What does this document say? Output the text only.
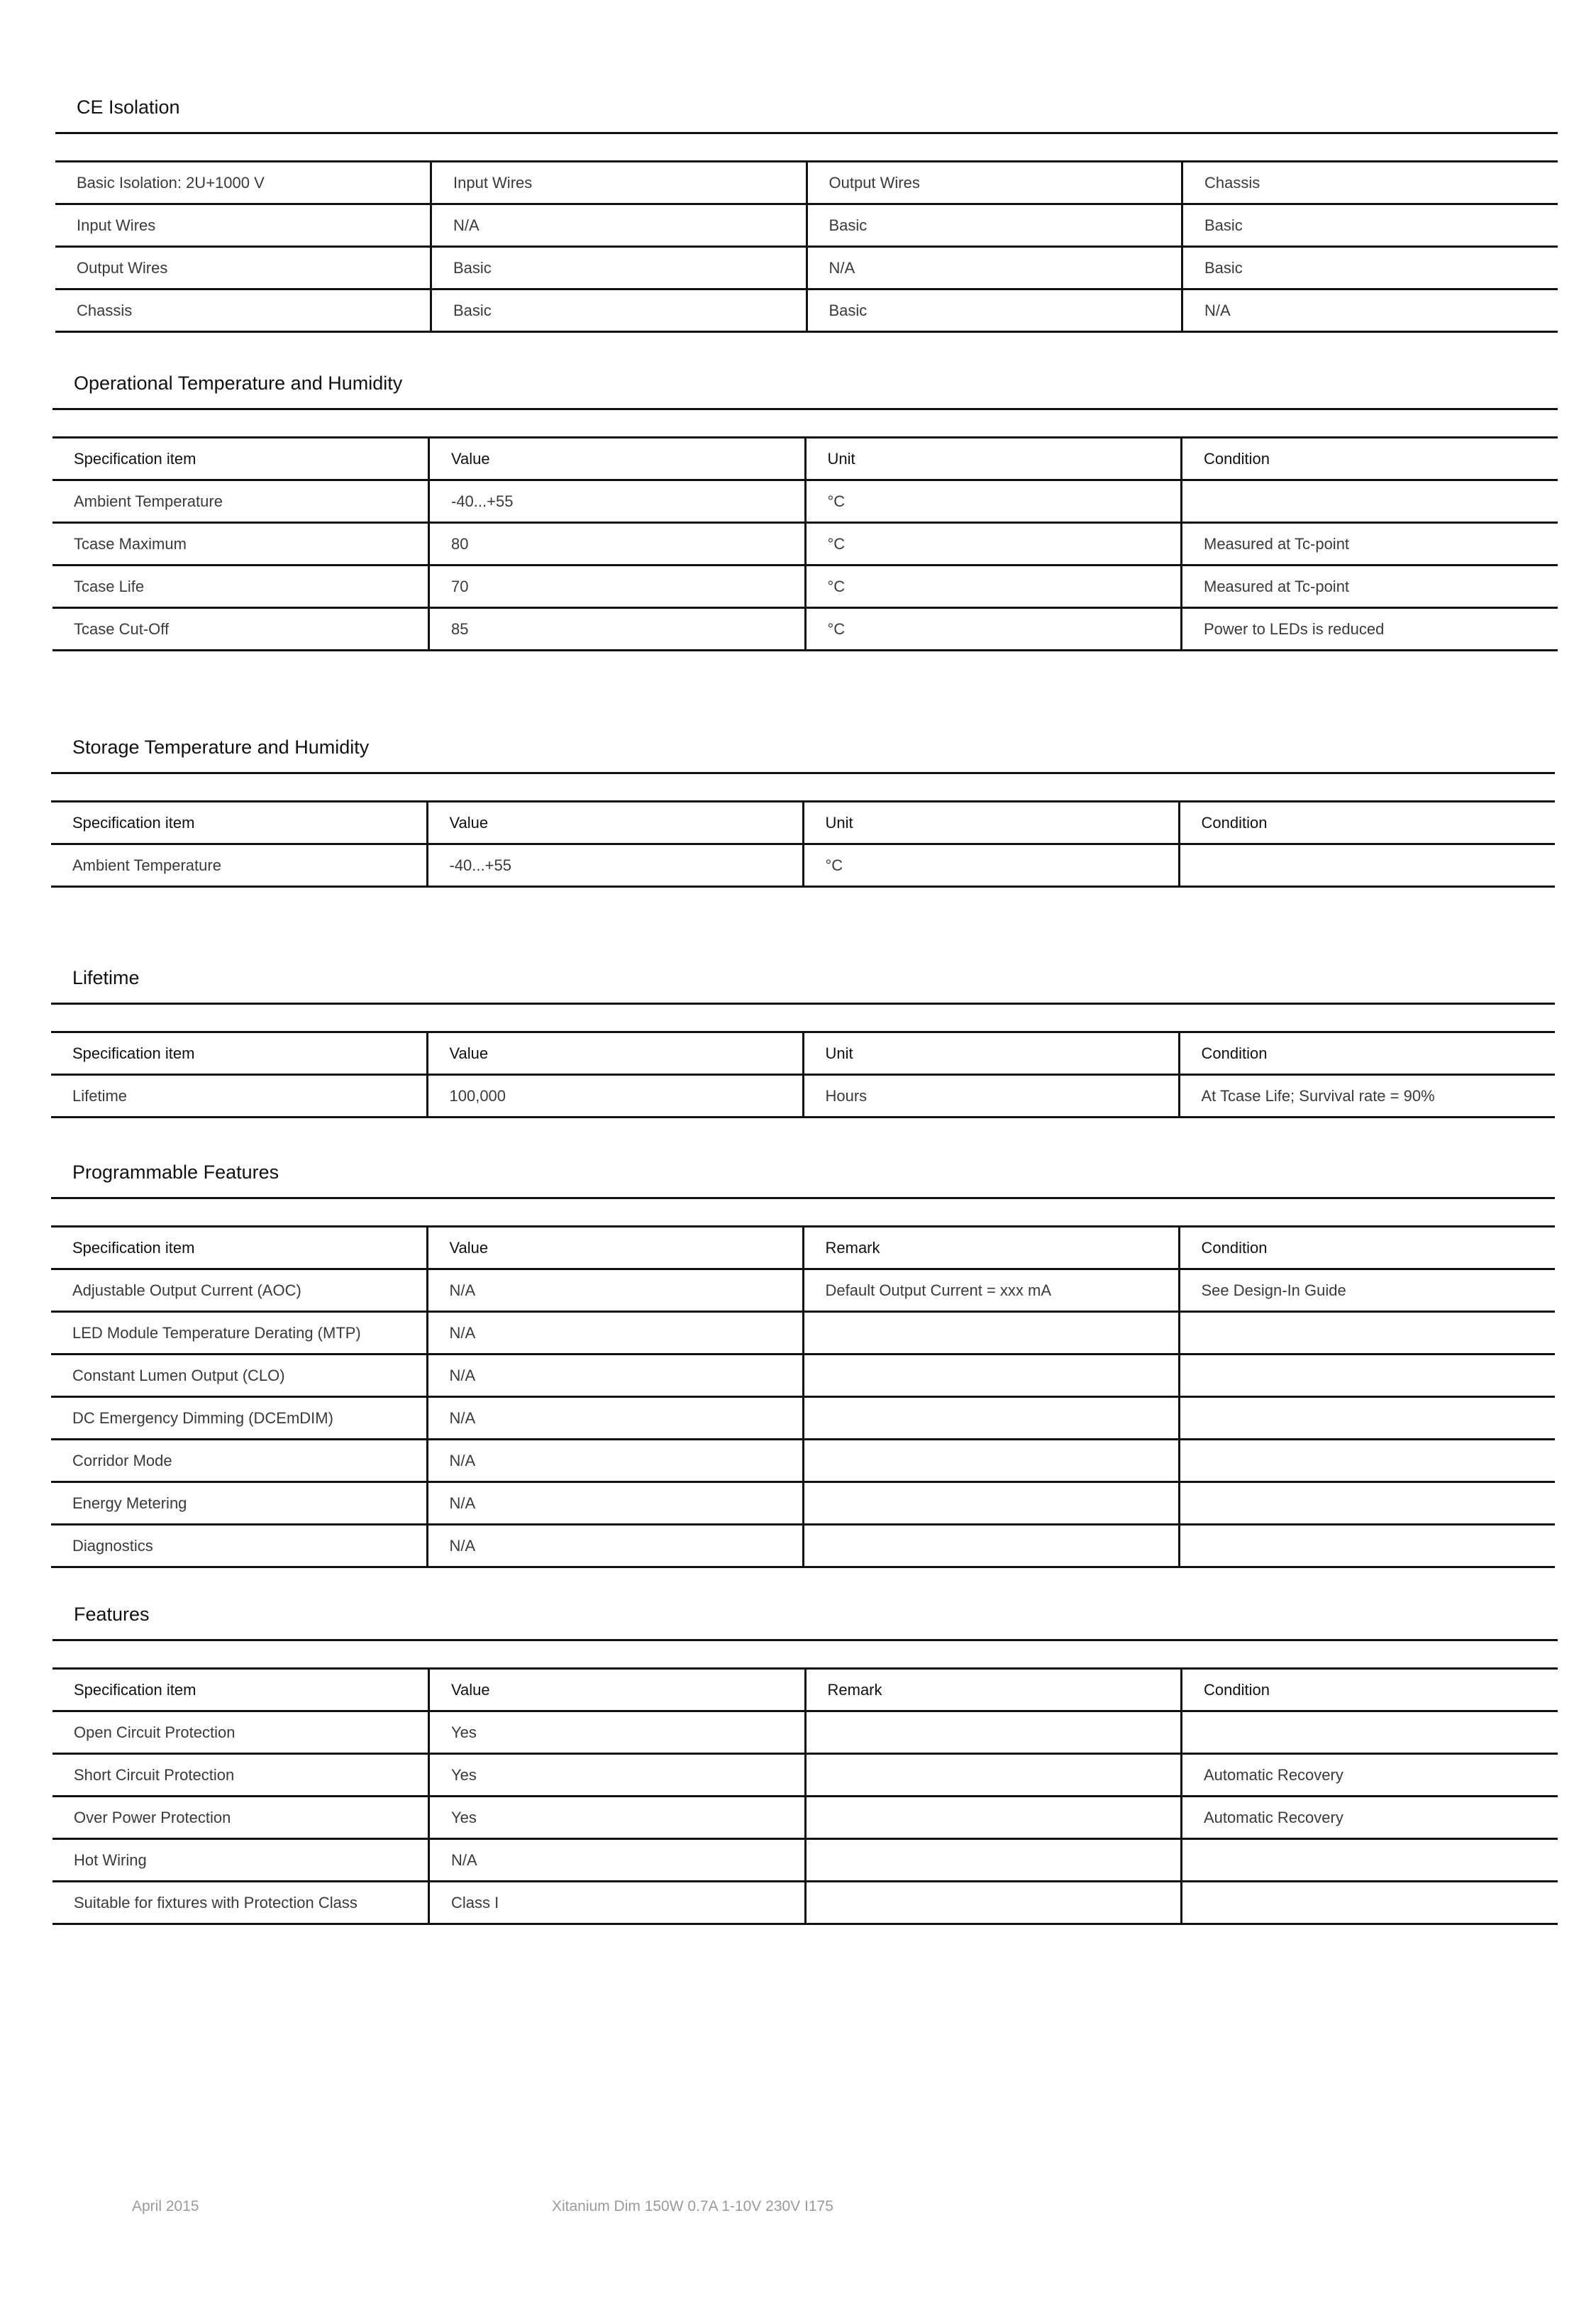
CE Isolation
Basic Isolation: 2U+1000 V	Input Wires	Output Wires	Chassis
Input Wires	N/A	Basic	Basic
Output Wires	Basic	N/A	Basic
Chassis	Basic	Basic	N/A
Operational Temperature and Humidity
Specification item	Value	Unit	Condition
Ambient Temperature	-40...+55	°C	
Tcase Maximum	80	°C	Measured at Tc-point
Tcase Life	70	°C	Measured at Tc-point
Tcase Cut-Off	85	°C	Power to LEDs is reduced
Storage Temperature and Humidity
Specification item	Value	Unit	Condition
Ambient Temperature	-40...+55	°C	
Lifetime
Specification item	Value	Unit	Condition
Lifetime	100,000	Hours	At Tcase Life; Survival rate = 90%
Programmable Features
Specification item	Value	Remark	Condition
Adjustable Output Current (AOC)	N/A	Default Output Current = xxx mA	See Design-In Guide
LED Module Temperature Derating (MTP)	N/A		
Constant Lumen Output (CLO)	N/A		
DC Emergency Dimming (DCEmDIM)	N/A		
Corridor Mode	N/A		
Energy Metering	N/A		
Diagnostics	N/A		
Features
Specification item	Value	Remark	Condition
Open Circuit Protection	Yes		
Short Circuit Protection	Yes		Automatic Recovery
Over Power Protection	Yes		Automatic Recovery
Hot Wiring	N/A		
Suitable for fixtures with Protection Class	Class I		
April 2015	Xitanium Dim 150W 0.7A 1-10V 230V I175
